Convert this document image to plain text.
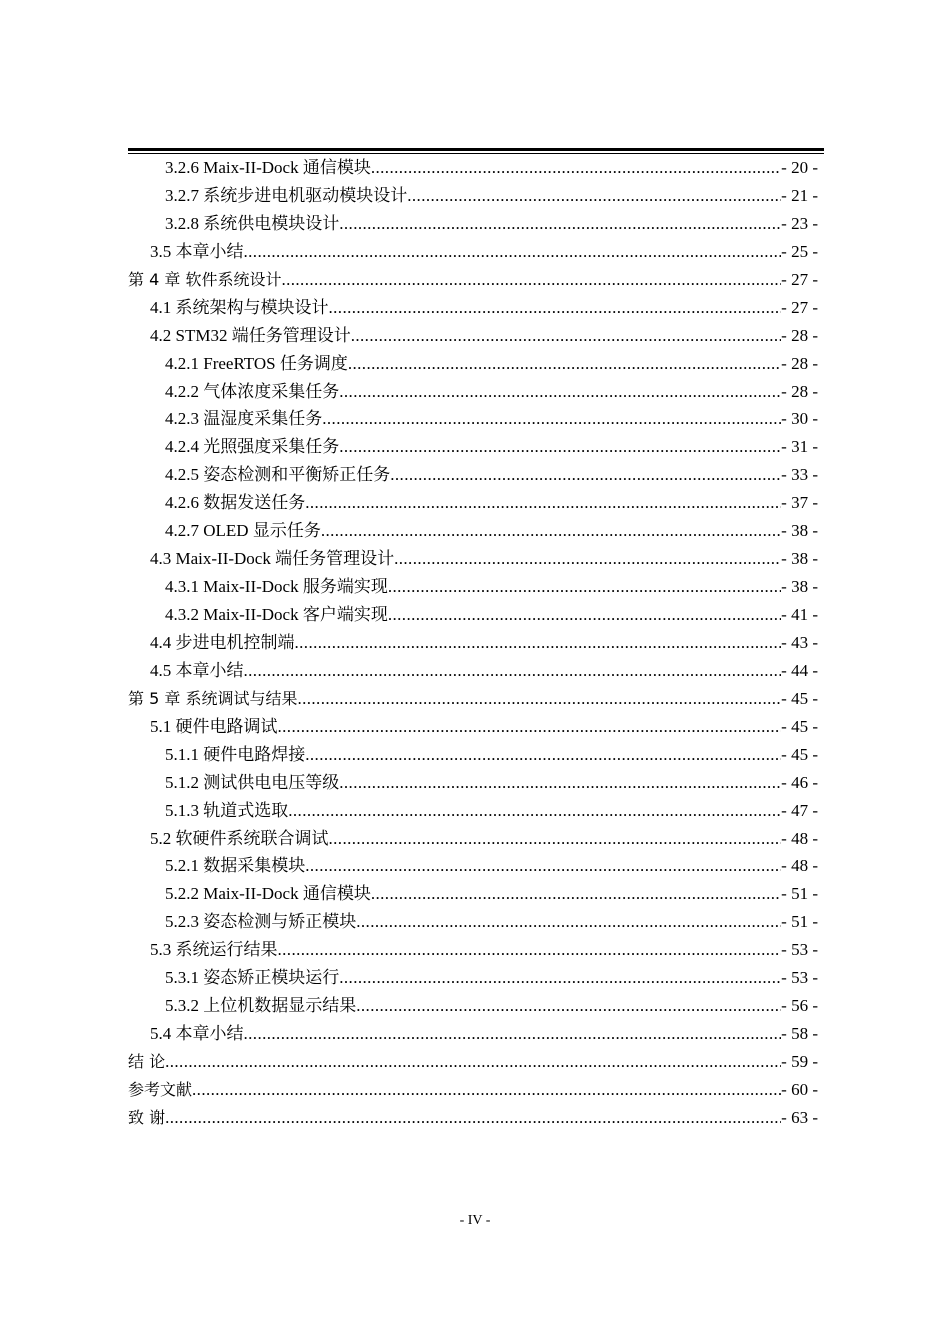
3.2.6 Maix-II-Dock 通信模块 .....	- 20 -
3.2.7 系统步进电机驱动模块设计 .....	- 21 -
3.2.8 系统供电模块设计 .....	- 23 -
3.5 本章小结 .....	- 25 -
第 4 章 软件系统设计 .....	- 27 -
4.1 系统架构与模块设计 .....	- 27 -
4.2 STM32 端任务管理设计 .....	- 28 -
4.2.1 FreeRTOS 任务调度 .....	- 28 -
4.2.2 气体浓度采集任务 .....	- 28 -
4.2.3 温湿度采集任务 .....	- 30 -
4.2.4 光照强度采集任务 .....	- 31 -
4.2.5 姿态检测和平衡矫正任务 .....	- 33 -
4.2.6 数据发送任务 .....	- 37 -
4.2.7 OLED 显示任务 .....	- 38 -
4.3 Maix-II-Dock 端任务管理设计 .....	- 38 -
4.3.1 Maix-II-Dock 服务端实现 .....	- 38 -
4.3.2 Maix-II-Dock 客户端实现 .....	- 41 -
4.4 步进电机控制端 .....	- 43 -
4.5 本章小结 .....	- 44 -
第 5 章 系统调试与结果 .....	- 45 -
5.1 硬件电路调试 .....	- 45 -
5.1.1 硬件电路焊接 .....	- 45 -
5.1.2 测试供电电压等级 .....	- 46 -
5.1.3 轨道式选取 .....	- 47 -
5.2 软硬件系统联合调试 .....	- 48 -
5.2.1 数据采集模块 .....	- 48 -
5.2.2 Maix-II-Dock 通信模块 .....	- 51 -
5.2.3 姿态检测与矫正模块 .....	- 51 -
5.3 系统运行结果 .....	- 53 -
5.3.1 姿态矫正模块运行 .....	- 53 -
5.3.2 上位机数据显示结果 .....	- 56 -
5.4 本章小结 .....	- 58 -
结 论 .....	- 59 -
参考文献 .....	- 60 -
致 谢 .....	- 63 -
- IV -
